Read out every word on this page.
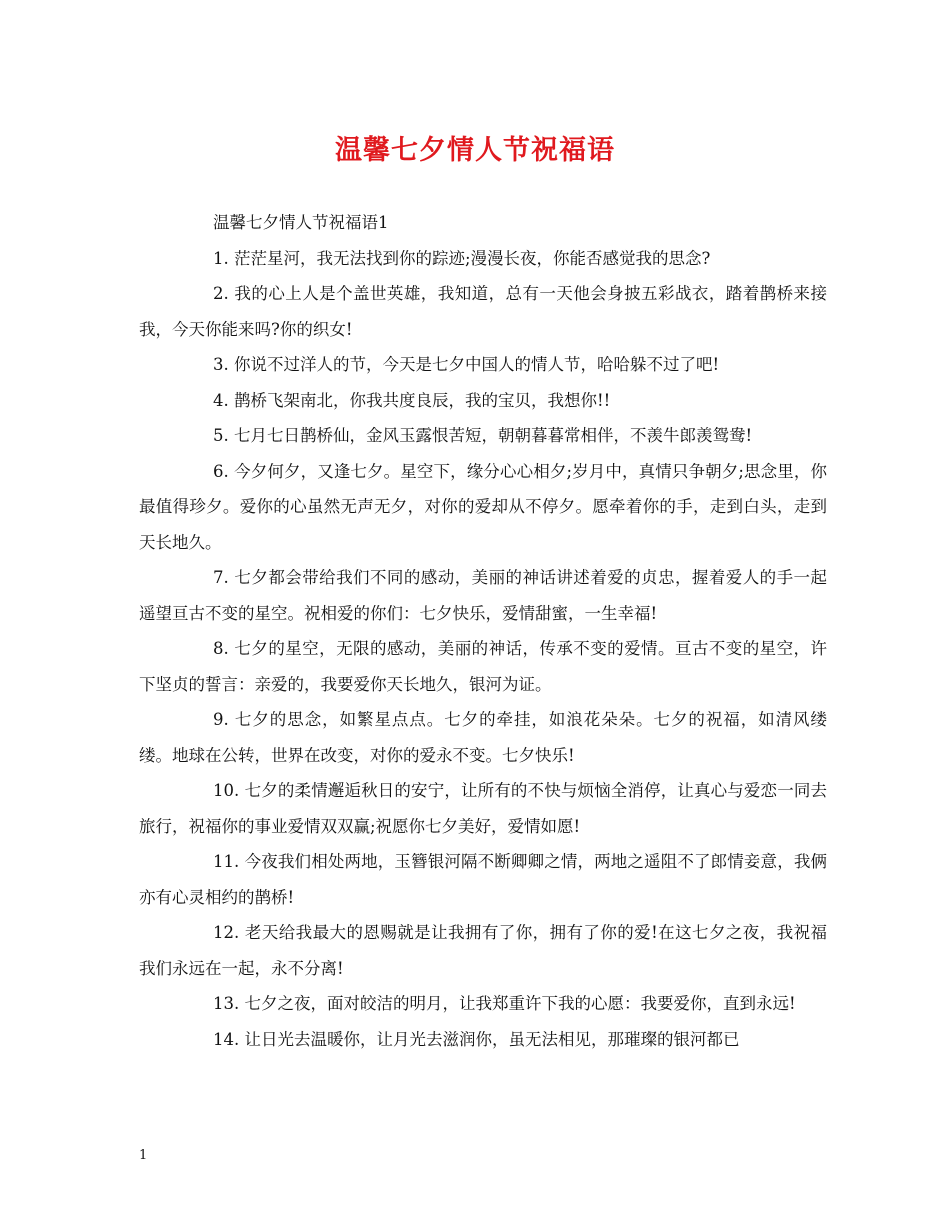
温馨七夕情人节祝福语

温馨七夕情人节祝福语1

1. 茫茫星河，我无法找到你的踪迹;漫漫长夜，你能否感觉我的思念?

2. 我的心上人是个盖世英雄，我知道，总有一天他会身披五彩战衣，踏着鹊桥来接我，今天你能来吗?你的织女!

3. 你说不过洋人的节，今天是七夕中国人的情人节，哈哈躲不过了吧!

4. 鹊桥飞架南北，你我共度良辰，我的宝贝，我想你!!

5. 七月七日鹊桥仙，金风玉露恨苦短，朝朝暮暮常相伴，不羡牛郎羡鸳鸯!

6. 今夕何夕，又逢七夕。星空下，缘分心心相夕;岁月中，真情只争朝夕;思念里，你最值得珍夕。爱你的心虽然无声无夕，对你的爱却从不停夕。愿牵着你的手，走到白头，走到天长地久。

7. 七夕都会带给我们不同的感动，美丽的神话讲述着爱的贞忠，握着爱人的手一起遥望亘古不变的星空。祝相爱的你们：七夕快乐，爱情甜蜜，一生幸福!

8. 七夕的星空，无限的感动，美丽的神话，传承不变的爱情。亘古不变的星空，许下坚贞的誓言：亲爱的，我要爱你天长地久，银河为证。

9. 七夕的思念，如繁星点点。七夕的牵挂，如浪花朵朵。七夕的祝福，如清风缕缕。地球在公转，世界在改变，对你的爱永不变。七夕快乐!

10. 七夕的柔情邂逅秋日的安宁，让所有的不快与烦恼全消停，让真心与爱恋一同去旅行，祝福你的事业爱情双双赢;祝愿你七夕美好，爱情如愿!

11. 今夜我们相处两地，玉簪银河隔不断卿卿之情，两地之遥阻不了郎情妾意，我俩亦有心灵相约的鹊桥!

12. 老天给我最大的恩赐就是让我拥有了你，拥有了你的爱!在这七夕之夜，我祝福我们永远在一起，永不分离!

13. 七夕之夜，面对皎洁的明月，让我郑重许下我的心愿：我要爱你，直到永远!

14. 让日光去温暖你，让月光去滋润你，虽无法相见，那璀璨的银河都已

1
